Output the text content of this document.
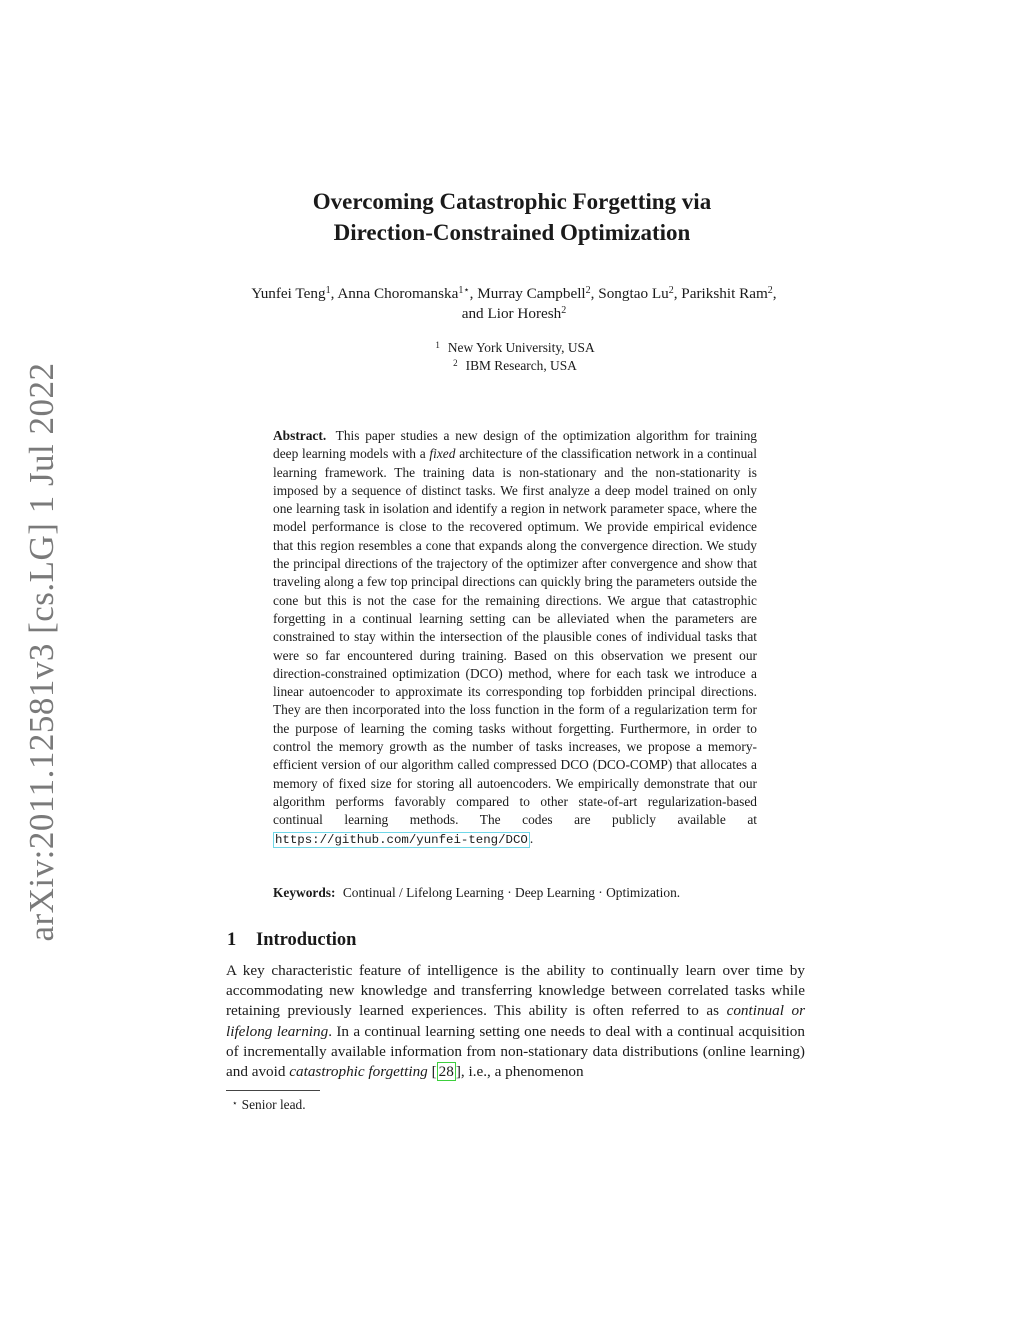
arXiv:2011.12581v3 [cs.LG] 1 Jul 2022
Overcoming Catastrophic Forgetting via
Direction-Constrained Optimization
Yunfei Teng$^1$, Anna Choromanska$^{1⋆}$, Murray Campbell$^2$, Songtao Lu$^2$, Parikshit Ram$^2$,
and Lior Horesh$^2$
$^1$ New York University, USA
$^2$ IBM Research, USA
Abstract. This paper studies a new design of the optimization algorithm for training deep learning models with a fixed architecture of the classification network in a continual learning framework. The training data is non-stationary and the non-stationarity is imposed by a sequence of distinct tasks. We first analyze a deep model trained on only one learning task in isolation and identify a region in network parameter space, where the model performance is close to the recovered optimum. We provide empirical evidence that this region resembles a cone that expands along the convergence direction. We study the principal directions of the trajectory of the optimizer after convergence and show that traveling along a few top principal directions can quickly bring the parameters outside the cone but this is not the case for the remaining directions. We argue that catastrophic forgetting in a continual learning setting can be alleviated when the parameters are constrained to stay within the intersection of the plausible cones of individual tasks that were so far encountered during training. Based on this observation we present our direction-constrained optimization (DCO) method, where for each task we introduce a linear autoencoder to approximate its corresponding top forbidden principal directions. They are then incorporated into the loss function in the form of a regularization term for the purpose of learning the coming tasks without forgetting. Furthermore, in order to control the memory growth as the number of tasks increases, we propose a memory-efficient version of our algorithm called compressed DCO (DCO-COMP) that allocates a memory of fixed size for storing all autoencoders. We empirically demonstrate that our algorithm performs favorably compared to other state-of-art regularization-based continual learning methods. The codes are publicly available at https://github.com/yunfei-teng/DCO .
Keywords: Continual / Lifelong Learning · Deep Learning · Optimization.
1 Introduction
A key characteristic feature of intelligence is the ability to continually learn over time by accommodating new knowledge and transferring knowledge between correlated tasks while retaining previously learned experiences. This ability is often referred to as continual or lifelong learning. In a continual learning setting one needs to deal with a continual acquisition of incrementally available information from non-stationary data distributions (online learning) and avoid catastrophic forgetting [ 28 ], i.e., a phenomenon
⋆ Senior lead.
